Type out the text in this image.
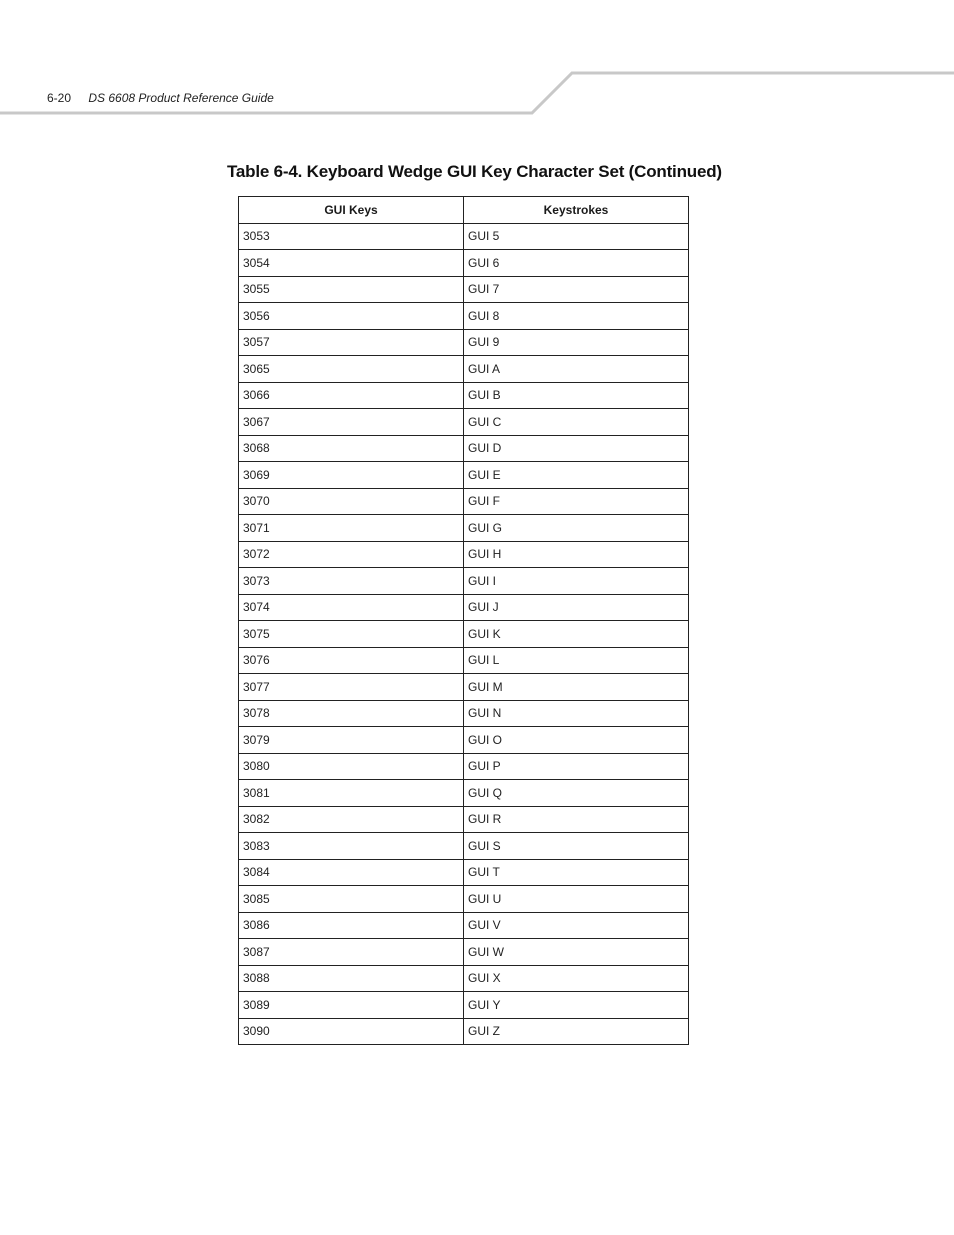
6-20 DS 6608 Product Reference Guide
Table 6-4. Keyboard Wedge GUI Key Character Set (Continued)
GUI Keys	Keystrokes
3053	GUI 5
3054	GUI 6
3055	GUI 7
3056	GUI 8
3057	GUI 9
3065	GUI A
3066	GUI B
3067	GUI C
3068	GUI D
3069	GUI E
3070	GUI F
3071	GUI G
3072	GUI H
3073	GUI I
3074	GUI J
3075	GUI K
3076	GUI L
3077	GUI M
3078	GUI N
3079	GUI O
3080	GUI P
3081	GUI Q
3082	GUI R
3083	GUI S
3084	GUI T
3085	GUI U
3086	GUI V
3087	GUI W
3088	GUI X
3089	GUI Y
3090	GUI Z
